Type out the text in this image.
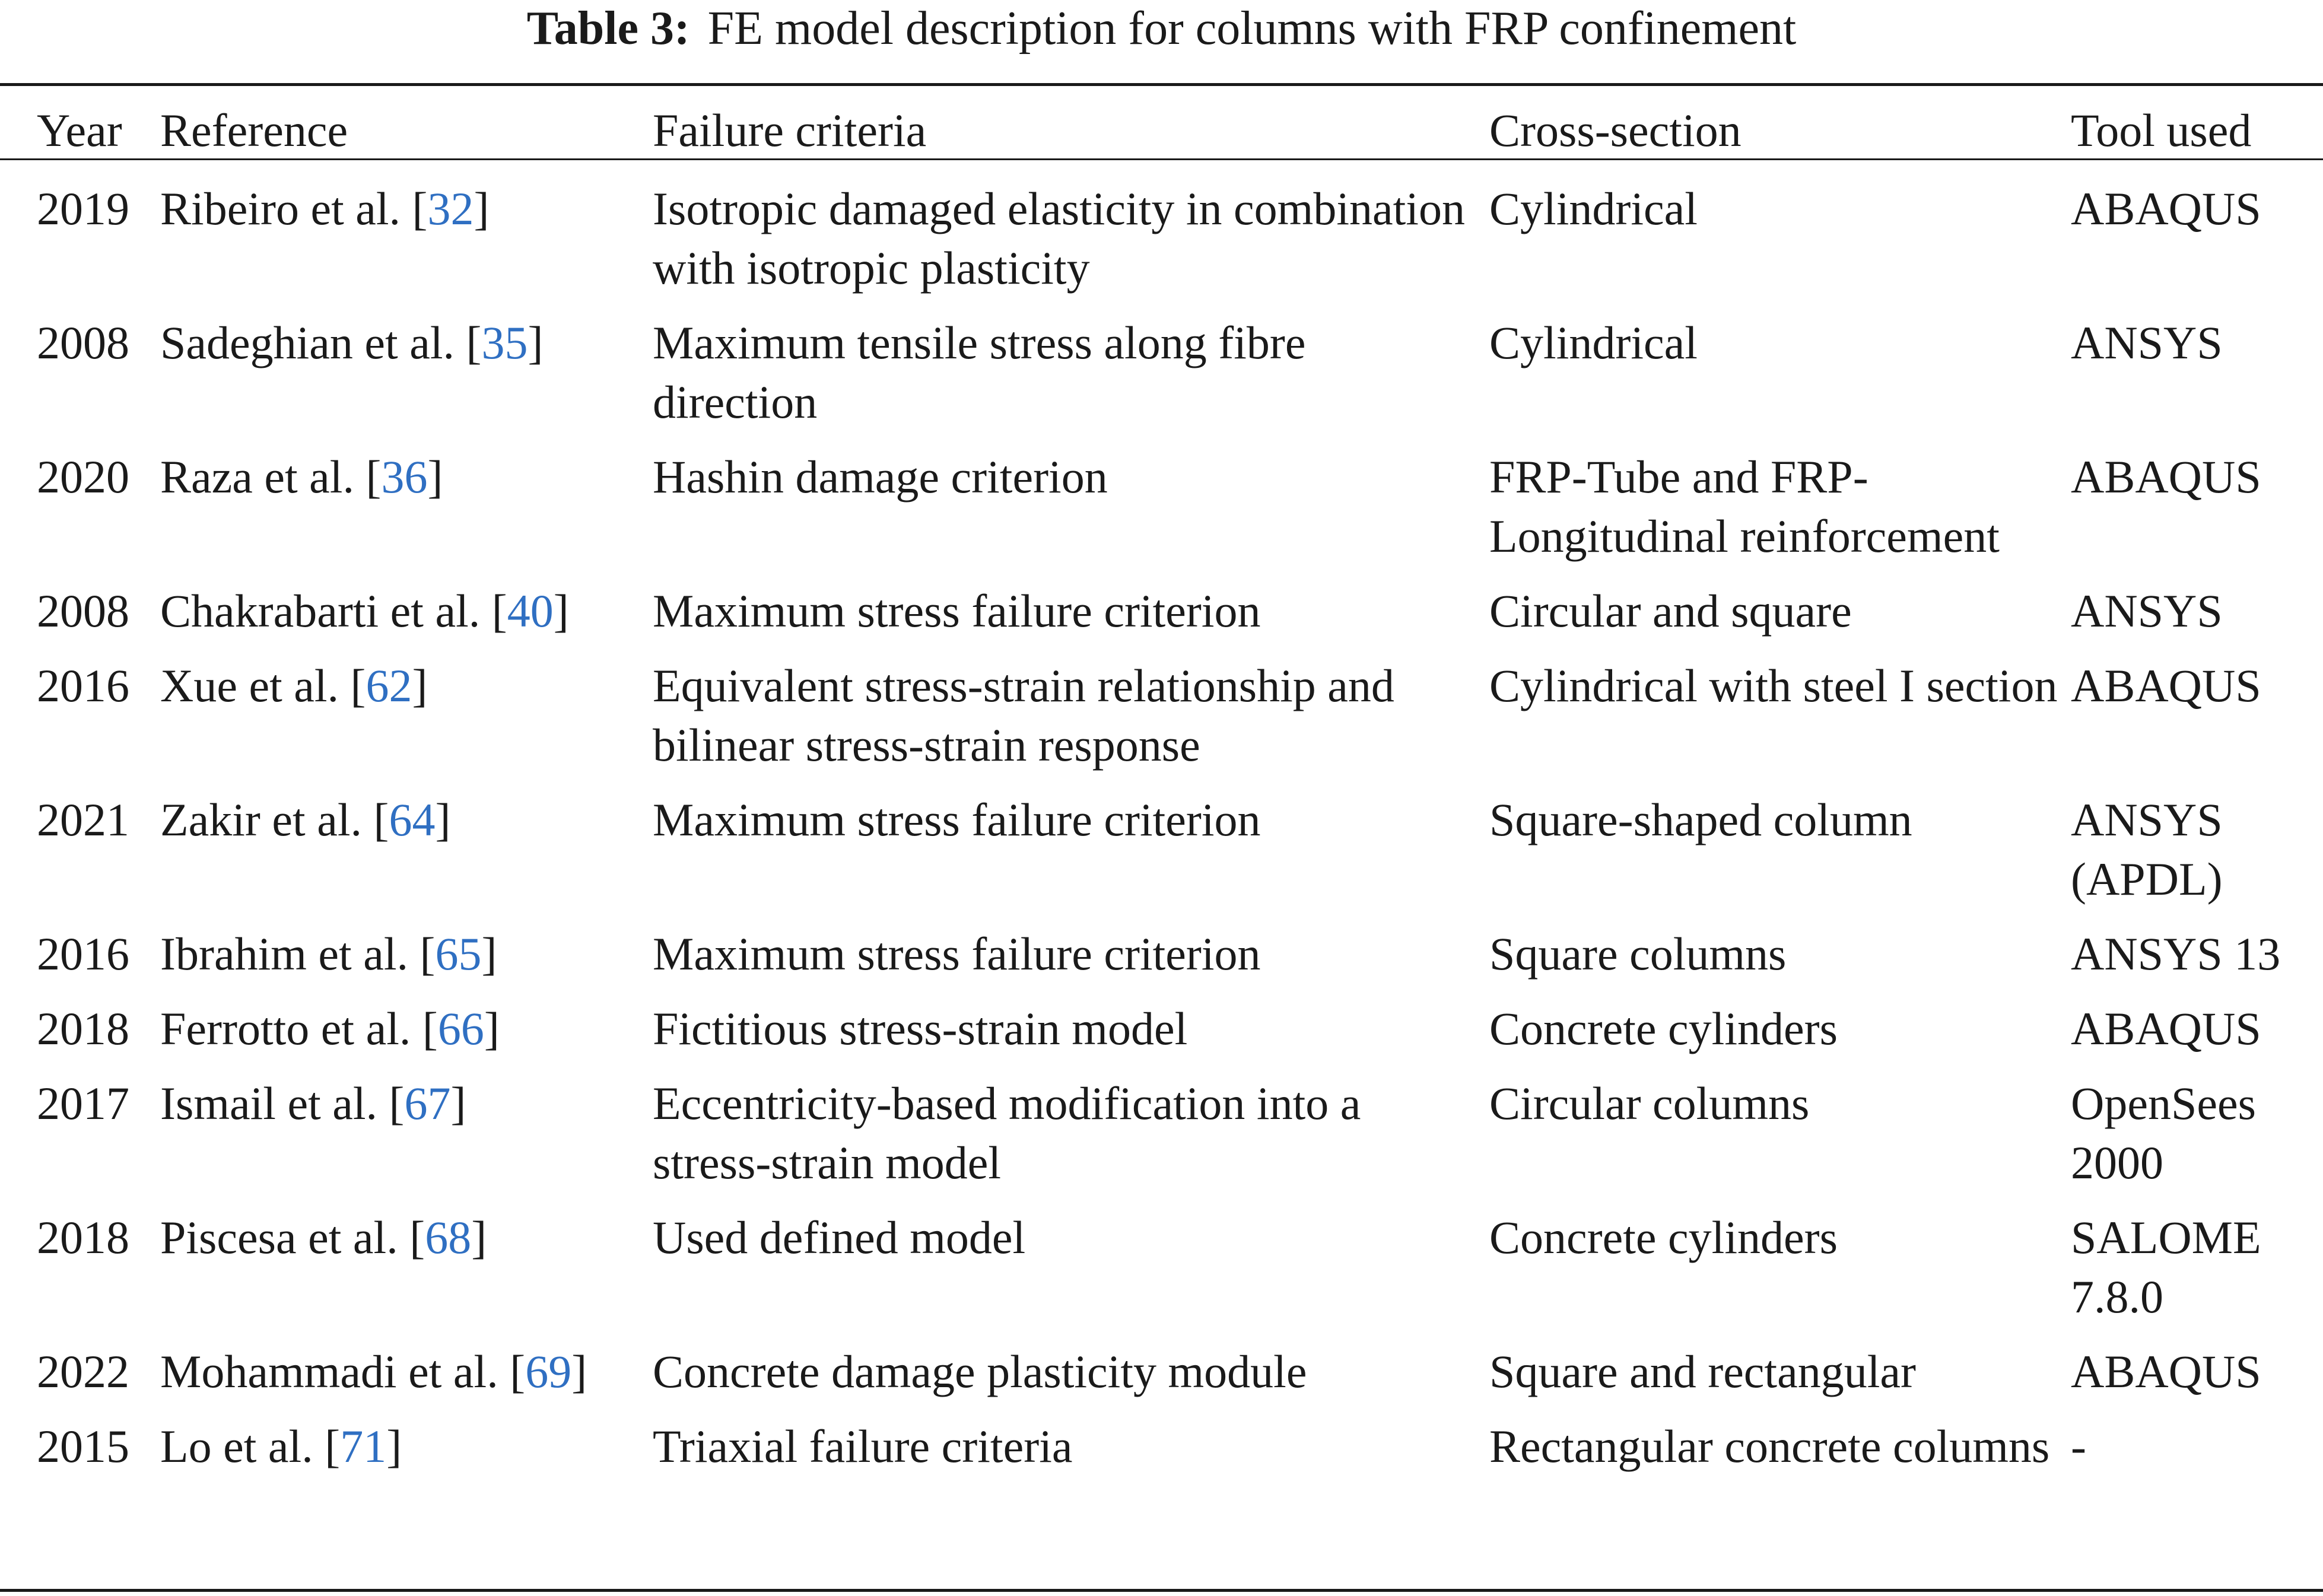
Table 3: FE model description for columns with FRP confinement
Year	Reference	Failure criteria	Cross-section	Tool used
2019	Ribeiro et al. [32]	Isotropic damaged elasticity in combination with isotropic plasticity	Cylindrical	ABAQUS
2008	Sadeghian et al. [35]	Maximum tensile stress along fibre direction	Cylindrical	ANSYS
2020	Raza et al. [36]	Hashin damage criterion	FRP-Tube and FRP-Longitudinal reinforcement	ABAQUS
2008	Chakrabarti et al. [40]	Maximum stress failure criterion	Circular and square	ANSYS
2016	Xue et al. [62]	Equivalent stress-strain relationship and bilinear stress-strain response	Cylindrical with steel I section	ABAQUS
2021	Zakir et al. [64]	Maximum stress failure criterion	Square-shaped column	ANSYS (APDL)
2016	Ibrahim et al. [65]	Maximum stress failure criterion	Square columns	ANSYS 13
2018	Ferrotto et al. [66]	Fictitious stress-strain model	Concrete cylinders	ABAQUS
2017	Ismail et al. [67]	Eccentricity-based modification into a stress-strain model	Circular columns	OpenSees 2000
2018	Piscesa et al. [68]	Used defined model	Concrete cylinders	SALOME 7.8.0
2022	Mohammadi et al. [69]	Concrete damage plasticity module	Square and rectangular	ABAQUS
2015	Lo et al. [71]	Triaxial failure criteria	Rectangular concrete columns	-
